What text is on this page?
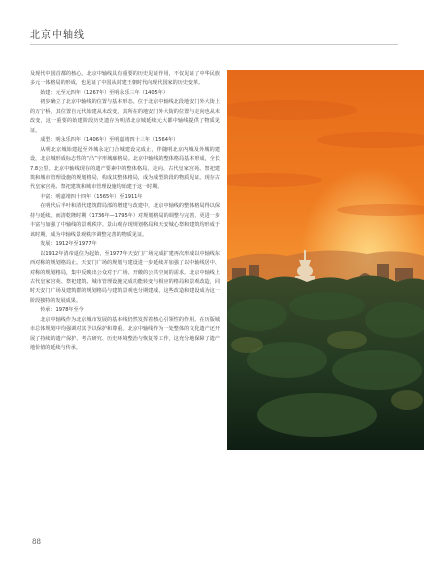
北京中轴线

及现代中国首都的核心。北京中轴线具有重要的历史见证作用，不仅见证了中华民族多元一体格局的形成，也见证了中国从封建王朝时代向现代国家的历史变革。

始建：元至元四年（1267年）至明永乐三年（1405年）

初步确立了北京中轴线的位置与基本形态。位于北京中轴线北段地安门外大街上的万宁桥，其位置自元代始建从未改变，其所在的地安门外大街的位置与走向也从未改变，这一重要的始建阶段历史遗存为明清北京城延续元大都中轴线提供了物质见证。

成型：明永乐四年（1406年）至明嘉靖四十三年（1564年）

从明北京城始建起至外城永定门合城建设完成止，伴随明北京内城及外城的建设，北京城形成标志性的“凸”字形城廓格局。北京中轴线的整体格局基本形成，全长7.8公里。北京中轴线现存的遗产要素中的整体格局、走向、古代皇家宫苑、祭祀建筑和城市管理设施的规划格局，构成其整体格局，成为成型阶段的物质见证。现存古代皇家宫苑、祭祀建筑和城市管理设施均始建于这一时期。

丰富：明嘉靖四十四年（1565年）至1911年

在明代后半叶和清代建筑群局部的增建与改建中，北京中轴线的整体格局得以保持与延续。而清乾隆时期（1736年—1795年）对规划格局的调整与完善，更进一步丰富与加强了中轴线的景观秩序。景山观存现规划格局和天安城心祭和建筑均形成于该时期，成为中轴线景观秩序调整完善的物质见证。

发展：1912年至1977年

以1912年清帝退位为起始，至1977年天安门广场完成扩建再次形成以中轴线东西对称的规划格局止。天安门广场的规划与建设进一步延续并加强了以中轴线居中、对称的规划格局，集中反映出公众对于广场、开敞的公共空间的需求。北京中轴线上古代皇家宫苑、祭祀建筑、城市管理设施完成功能转变与相应的格局和景观改造，同时天安门广场及建筑群的规划格局与建筑景观也分期建成，这些改造和建设成为这一阶段独特的发展成果。

传承：1978年至今

北京中轴线作为北京城市发展的基本线仍然发挥着核心引领性的作用。在历版城市总体规划中均强调对其予以保护和尊重。北京中轴线作为一处整体的文化遗产还开展了持续的遗产保护、考古研究、历史环境整治与恢复等工作，这充分地保障了遗产地价值的延续与传承。

88
